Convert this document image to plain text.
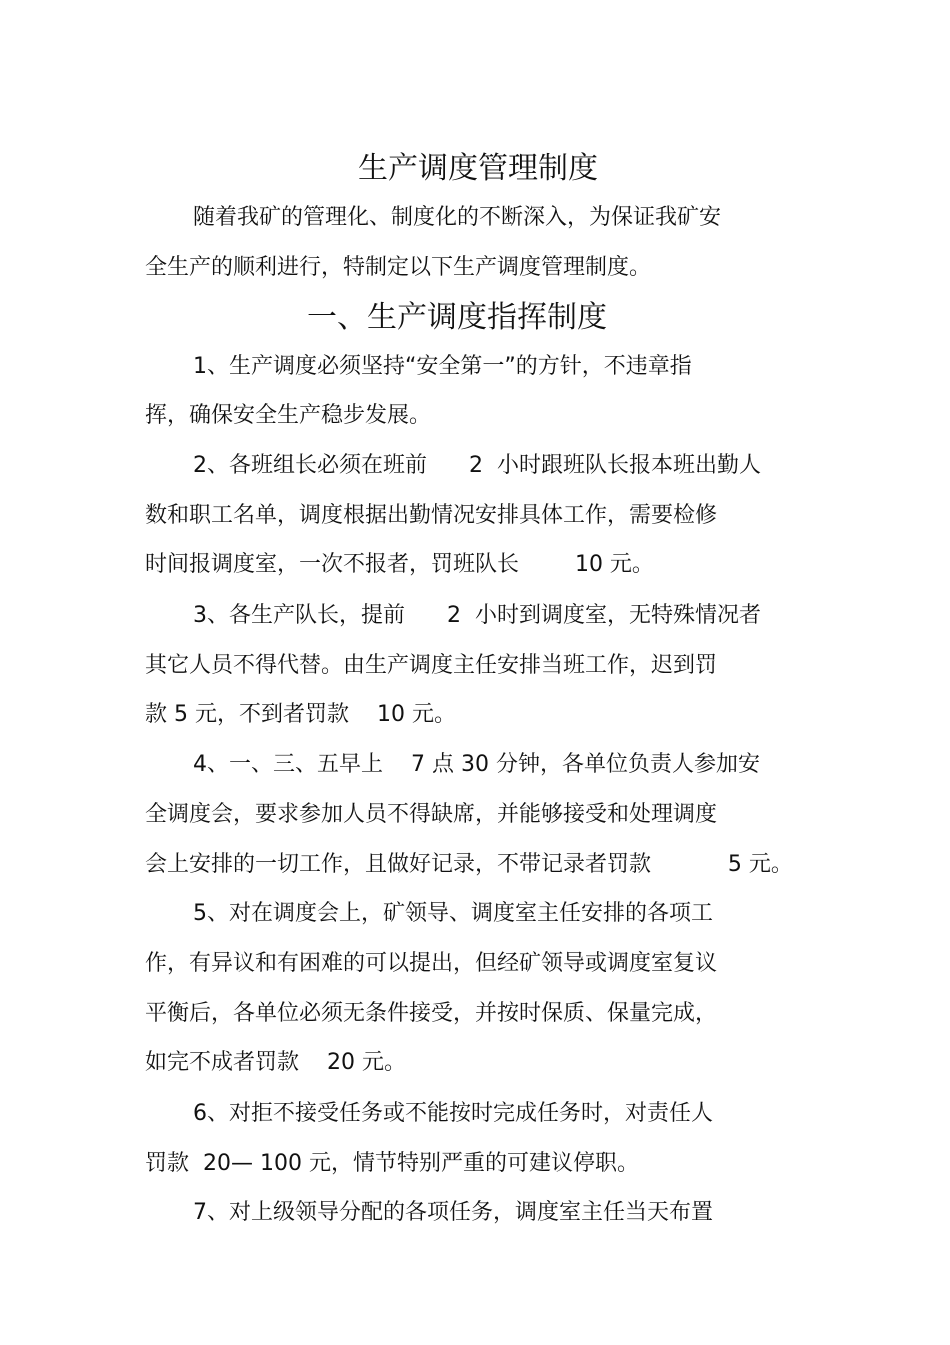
生产调度管理制度
随着我矿的管理化、制度化的不断深入，为保证我矿安
全生产的顺利进行，特制定以下生产调度管理制度。
一、生产调度指挥制度
1、生产调度必须坚持“安全第一”的方针，不违章指
挥，确保安全生产稳步发展。
2、各班组长必须在班前      2  小时跟班队长报本班出勤人
数和职工名单，调度根据出勤情况安排具体工作，需要检修
时间报调度室，一次不报者，罚班队长        10 元。
3、各生产队长，提前      2  小时到调度室，无特殊情况者
其它人员不得代替。由生产调度主任安排当班工作，迟到罚
款 5 元，不到者罚款    10 元。
4、一、三、五早上    7 点 30 分钟，各单位负责人参加安
全调度会，要求参加人员不得缺席，并能够接受和处理调度
会上安排的一切工作，且做好记录，不带记录者罚款           5 元。
5、对在调度会上，矿领导、调度室主任安排的各项工
作，有异议和有困难的可以提出，但经矿领导或调度室复议
平衡后，各单位必须无条件接受，并按时保质、保量完成，
如完不成者罚款    20 元。
6、对拒不接受任务或不能按时完成任务时，对责任人
罚款  20— 100 元，情节特别严重的可建议停职。
7、对上级领导分配的各项任务，调度室主任当天布置
